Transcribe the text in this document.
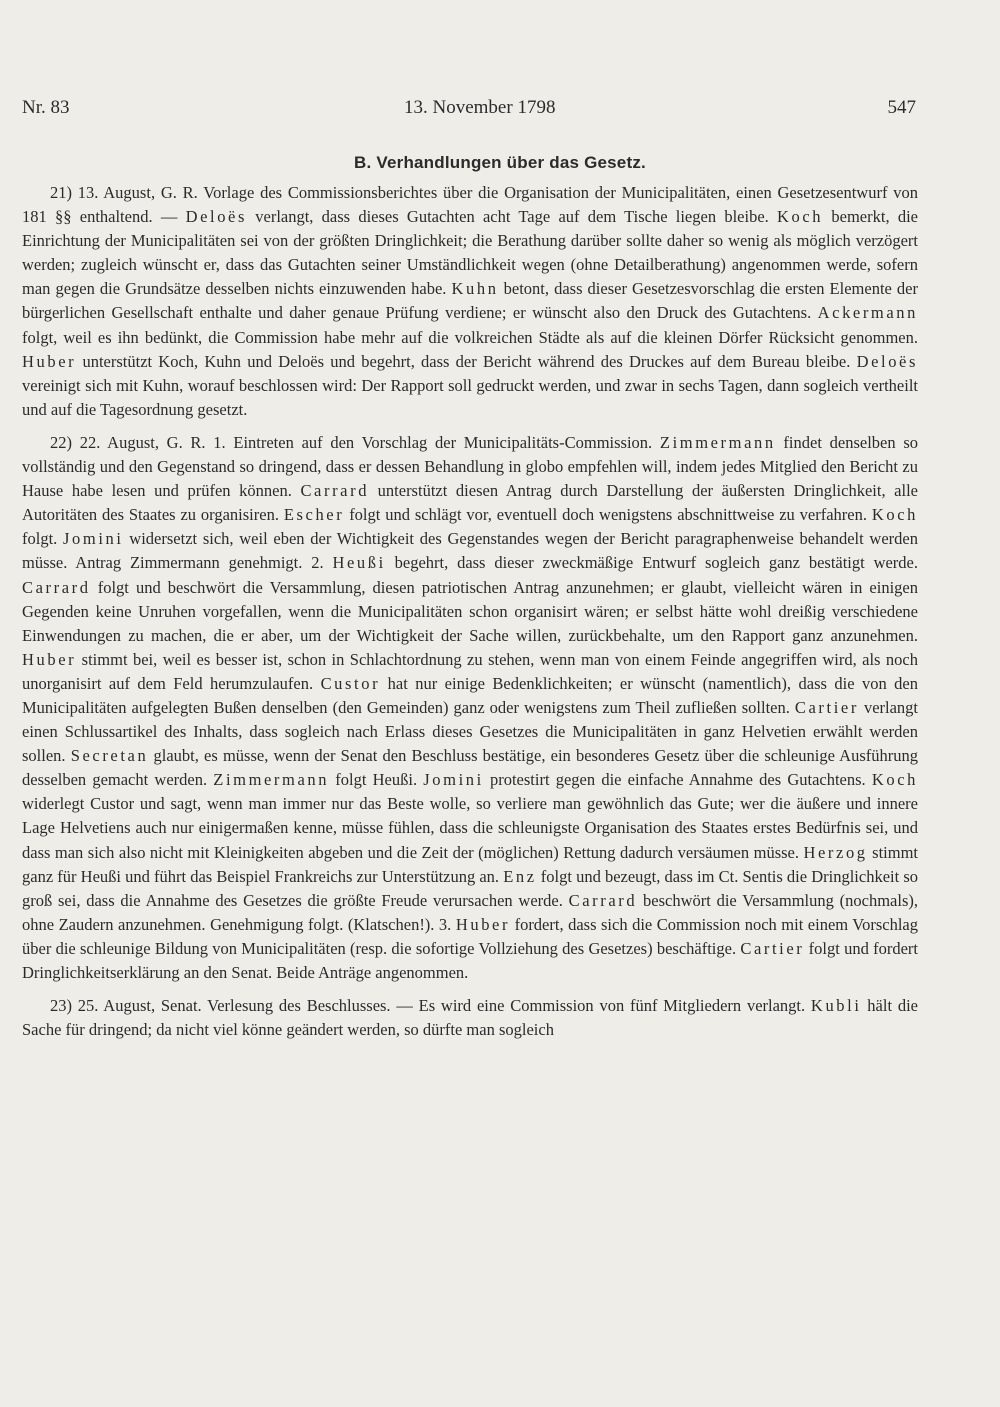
Nr. 83	13. November 1798	547
B. Verhandlungen über das Gesetz.

21) 13. August, G. R. Vorlage des Commissionsberichtes über die Organisation der Municipalitäten, einen Gesetzesentwurf von 181 §§ enthaltend. — Deloës verlangt, dass dieses Gutachten acht Tage auf dem Tische liegen bleibe. Koch bemerkt, die Einrichtung der Municipalitäten sei von der größten Dringlichkeit; die Berathung darüber sollte daher so wenig als möglich verzögert werden; zugleich wünscht er, dass das Gutachten seiner Umständlichkeit wegen (ohne Detailberathung) angenommen werde, sofern man gegen die Grundsätze desselben nichts einzuwenden habe. Kuhn betont, dass dieser Gesetzesvorschlag die ersten Elemente der bürgerlichen Gesellschaft enthalte und daher genaue Prüfung verdiene; er wünscht also den Druck des Gutachtens. Ackermann folgt, weil es ihn bedünkt, die Commission habe mehr auf die volkreichen Städte als auf die kleinen Dörfer Rücksicht genommen. Huber unterstützt Koch, Kuhn und Deloës und begehrt, dass der Bericht während des Druckes auf dem Bureau bleibe. Deloës vereinigt sich mit Kuhn, worauf beschlossen wird: Der Rapport soll gedruckt werden, und zwar in sechs Tagen, dann sogleich vertheilt und auf die Tagesordnung gesetzt.

22) 22. August, G. R. 1. Eintreten auf den Vorschlag der Municipalitäts-Commission. Zimmermann findet denselben so vollständig und den Gegenstand so dringend, dass er dessen Behandlung in globo empfehlen will, indem jedes Mitglied den Bericht zu Hause habe lesen und prüfen können. Carrard unterstützt diesen Antrag durch Darstellung der äußersten Dringlichkeit, alle Autoritäten des Staates zu organisiren. Escher folgt und schlägt vor, eventuell doch wenigstens abschnittweise zu verfahren. Koch folgt. Jomini widersetzt sich, weil eben der Wichtigkeit des Gegenstandes wegen der Bericht paragraphenweise behandelt werden müsse. Antrag Zimmermann genehmigt. 2. Heußi begehrt, dass dieser zweckmäßige Entwurf sogleich ganz bestätigt werde. Carrard folgt und beschwört die Versammlung, diesen patriotischen Antrag anzunehmen; er glaubt, vielleicht wären in einigen Gegenden keine Unruhen vorgefallen, wenn die Municipalitäten schon organisirt wären; er selbst hätte wohl dreißig verschiedene Einwendungen zu machen, die er aber, um der Wichtigkeit der Sache willen, zurückbehalte, um den Rapport ganz anzunehmen. Huber stimmt bei, weil es besser ist, schon in Schlachtordnung zu stehen, wenn man von einem Feinde angegriffen wird, als noch unorganisirt auf dem Feld herumzulaufen. Custor hat nur einige Bedenklichkeiten; er wünscht (namentlich), dass die von den Municipalitäten aufgelegten Bußen denselben (den Gemeinden) ganz oder wenigstens zum Theil zufließen sollten. Cartier verlangt einen Schlussartikel des Inhalts, dass sogleich nach Erlass dieses Gesetzes die Municipalitäten in ganz Helvetien erwählt werden sollen. Secretan glaubt, es müsse, wenn der Senat den Beschluss bestätige, ein besonderes Gesetz über die schleunige Ausführung desselben gemacht werden. Zimmermann folgt Heußi. Jomini protestirt gegen die einfache Annahme des Gutachtens. Koch widerlegt Custor und sagt, wenn man immer nur das Beste wolle, so verliere man gewöhnlich das Gute; wer die äußere und innere Lage Helvetiens auch nur einigermaßen kenne, müsse fühlen, dass die schleunigste Organisation des Staates erstes Bedürfnis sei, und dass man sich also nicht mit Kleinigkeiten abgeben und die Zeit der (möglichen) Rettung dadurch versäumen müsse. Herzog stimmt ganz für Heußi und führt das Beispiel Frankreichs zur Unterstützung an. Enz folgt und bezeugt, dass im Ct. Sentis die Dringlichkeit so groß sei, dass die Annahme des Gesetzes die größte Freude verursachen werde. Carrard beschwört die Versammlung (nochmals), ohne Zaudern anzunehmen. Genehmigung folgt. (Klatschen!). 3. Huber fordert, dass sich die Commission noch mit einem Vorschlag über die schleunige Bildung von Municipalitäten (resp. die sofortige Vollziehung des Gesetzes) beschäftige. Cartier folgt und fordert Dringlichkeitserklärung an den Senat. Beide Anträge angenommen.

23) 25. August, Senat. Verlesung des Beschlusses. — Es wird eine Commission von fünf Mitgliedern verlangt. Kubli hält die Sache für dringend; da nicht viel könne geändert werden, so dürfte man sogleich
